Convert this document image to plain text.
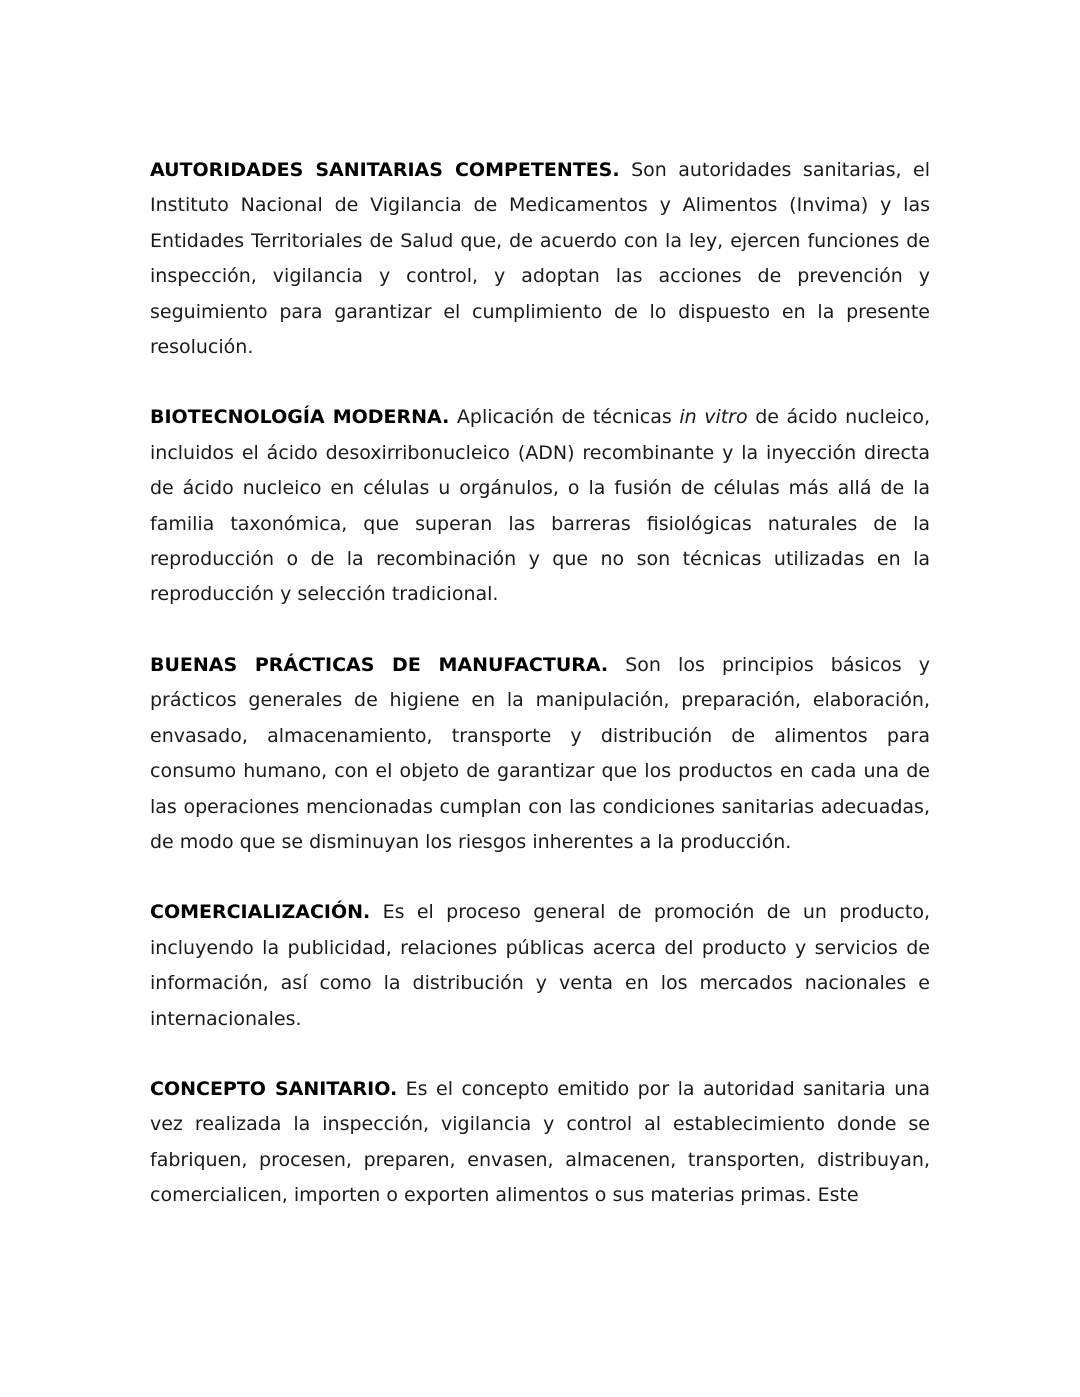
AUTORIDADES SANITARIAS COMPETENTES. Son autoridades sanitarias, el Instituto Nacional de Vigilancia de Medicamentos y Alimentos (Invima) y las Entidades Territoriales de Salud que, de acuerdo con la ley, ejercen funciones de inspección, vigilancia y control, y adoptan las acciones de prevención y seguimiento para garantizar el cumplimiento de lo dispuesto en la presente resolución.

BIOTECNOLOGÍA MODERNA. Aplicación de técnicas in vitro de ácido nucleico, incluidos el ácido desoxirribonucleico (ADN) recombinante y la inyección directa de ácido nucleico en células u orgánulos, o la fusión de células más allá de la familia taxonómica, que superan las barreras fisiológicas naturales de la reproducción o de la recombinación y que no son técnicas utilizadas en la reproducción y selección tradicional.

BUENAS PRÁCTICAS DE MANUFACTURA. Son los principios básicos y prácticos generales de higiene en la manipulación, preparación, elaboración, envasado, almacenamiento, transporte y distribución de alimentos para consumo humano, con el objeto de garantizar que los productos en cada una de las operaciones mencionadas cumplan con las condiciones sanitarias adecuadas, de modo que se disminuyan los riesgos inherentes a la producción.

COMERCIALIZACIÓN. Es el proceso general de promoción de un producto, incluyendo la publicidad, relaciones públicas acerca del producto y servicios de información, así como la distribución y venta en los mercados nacionales e internacionales.

CONCEPTO SANITARIO. Es el concepto emitido por la autoridad sanitaria una vez realizada la inspección, vigilancia y control al establecimiento donde se fabriquen, procesen, preparen, envasen, almacenen, transporten, distribuyan, comercialicen, importen o exporten alimentos o sus materias primas. Este
